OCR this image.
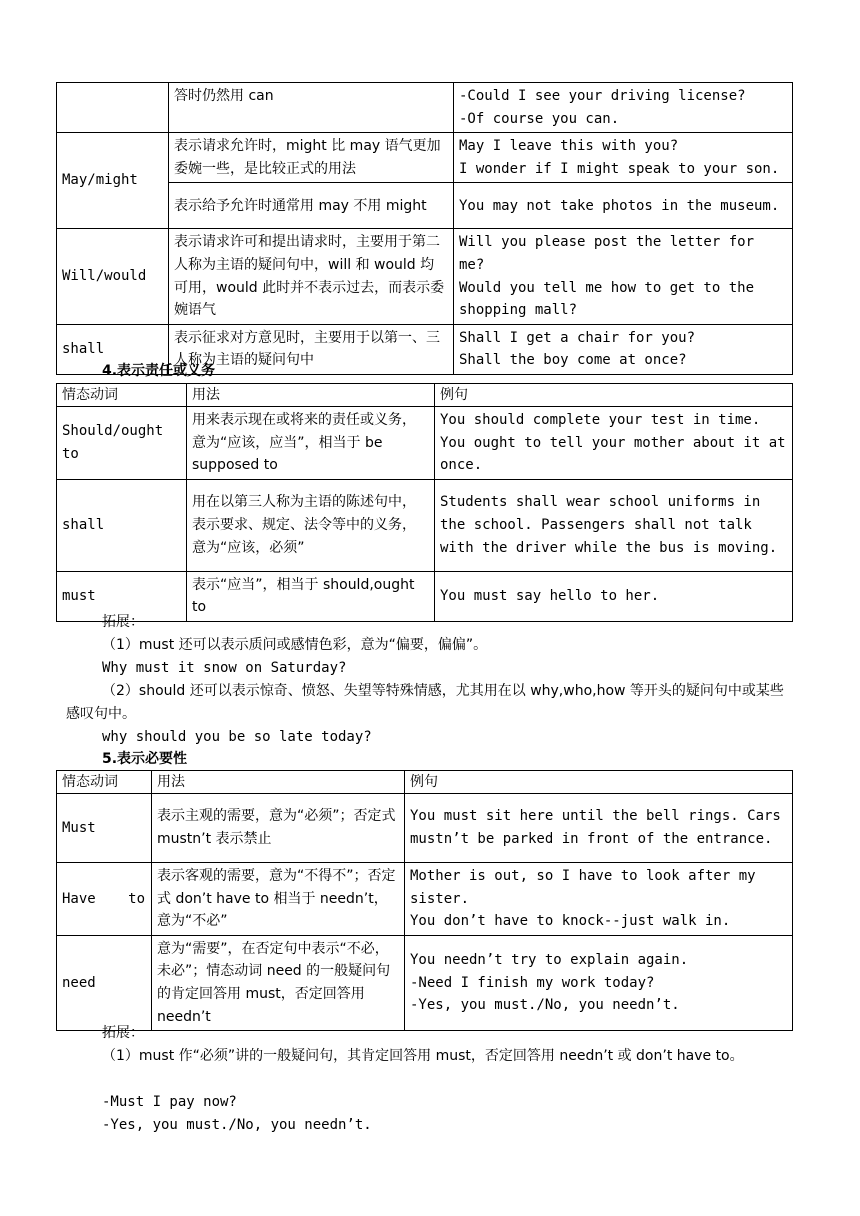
	答时仍然用 can	-Could I see your driving license?
-Of course you can.

May/might	表示请求允许时，might 比 may 语气更加委婉一些，是比较正式的用法	May I leave this with you?
I wonder if I might speak to your son.

	表示给予允许时通常用 may 不用 might	You may not take photos in the museum.
Will/would	表示请求许可和提出请求时，主要用于第二人称为主语的疑问句中，will 和 would 均可用，would 此时并不表示过去，而表示委婉语气	Will you please post the letter for me?
Would you tell me how to get to the shopping mall?

shall	表示征求对方意见时，主要用于以第一、三人称为主语的疑问句中	Shall I get a chair for you?
Shall the boy come at once?
4.表示责任或义务
情态动词	用法	例句
Should/ought to	用来表示现在或将来的责任或义务，意为“应该，应当”，相当于 be supposed to	You should complete your test in time. You ought to tell your mother about it at once.
shall	用在以第三人称为主语的陈述句中，表示要求、规定、法令等中的义务，意为“应该，必须”	Students shall wear school uniforms in the school. Passengers shall not talk with the driver while the bus is moving.
must	表示“应当”，相当于 should,ought to	You must say hello to her.
拓展：
（1）must 还可以表示质问或感情色彩，意为“偏要，偏偏”。
Why must it snow on Saturday?
（2）should 还可以表示惊奇、愤怒、失望等特殊情感，尤其用在以 why,who,how 等开头的疑问句中或某些感叹句中。
why should you be so late today?
5.表示必要性
情态动词	用法	例句
Must	表示主观的需要，意为“必须”；否定式 mustn’t 表示禁止	You must sit here until the bell rings. Cars mustn’t be parked in front of the entrance.
Have to	表示客观的需要，意为“不得不”；否定式 don’t have to 相当于 needn’t，意为“不必”	Mother is out, so I have to look after my sister.
You don’t have to knock--just walk in.

need	意为“需要”，在否定句中表示“不必，未必”；情态动词 need 的一般疑问句的肯定回答用 must，否定回答用 needn’t	You needn’t try to explain again.
-Need I finish my work today?
-Yes, you must./No, you needn’t.
拓展：
（1）must 作“必须”讲的一般疑问句，其肯定回答用 must，否定回答用 needn’t 或 don’t have to。
-Must I pay now?
-Yes, you must./No, you needn’t.
